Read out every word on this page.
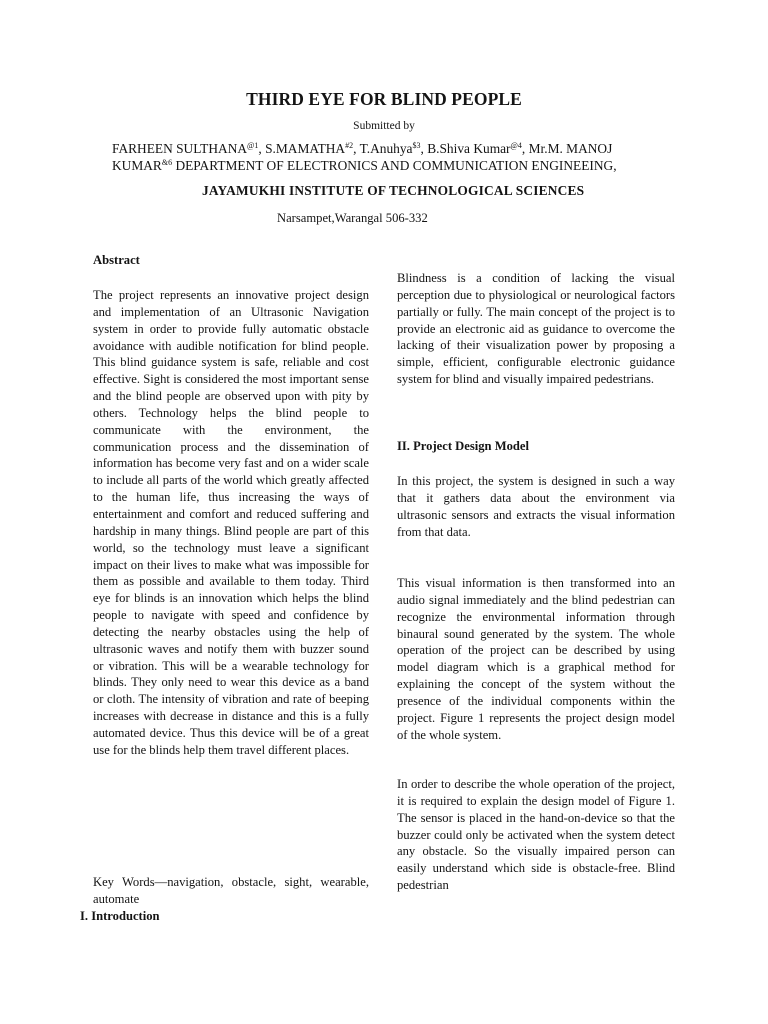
THIRD EYE FOR BLIND PEOPLE
Submitted by
FARHEEN $SULTHANA^{@1}$, S.MAMATHA$^{\#2}$, T.Anuhya$^{\$3}$, B.Shiva Kumar$^{@4}$, Mr.M. MANOJ $KUMAR^{\&6}$ DEPARTMENT OF ELECTRONICS AND COMMUNICATION ENGINEEING,
JAYAMUKHI INSTITUTE OF TECHNOLOGICAL SCIENCES
Narsampet,Warangal 506-332
Abstract

The project represents an innovative project design and implementation of an Ultrasonic Navigation system in order to provide fully automatic obstacle avoidance with audible notification for blind people. This blind guidance system is safe, reliable and cost effective. Sight is considered the most important sense and the blind people are observed upon with pity by others. Technology helps the blind people to communicate with the environment, the communication process and the dissemination of information has become very fast and on a wider scale to include all parts of the world which greatly affected to the human life, thus increasing the ways of entertainment and comfort and reduced suffering and hardship in many things. Blind people are part of this world, so the technology must leave a significant impact on their lives to make what was impossible for them as possible and available to them today. Third eye for blinds is an innovation which helps the blind people to navigate with speed and confidence by detecting the nearby obstacles using the help of ultrasonic waves and notify them with buzzer sound or vibration. This will be a wearable technology for blinds. They only need to wear this device as a band or cloth. The intensity of vibration and rate of beeping increases with decrease in distance and this is a fully automated device. Thus this device will be of a great use for the blinds help them travel different places.

Key Words—navigation, obstacle, sight, wearable, automate

I. Introduction

Blindness is a condition of lacking the visual perception due to physiological or neurological factors partially or fully. The main concept of the project is to provide an electronic aid as guidance to overcome the lacking of their visualization power by proposing a simple, efficient, configurable electronic guidance system for blind and visually impaired pedestrians.

II. Project Design Model

In this project, the system is designed in such a way that it gathers data about the environment via ultrasonic sensors and extracts the visual information from that data.

This visual information is then transformed into an audio signal immediately and the blind pedestrian can recognize the environmental information through binaural sound generated by the system. The whole operation of the project can be described by using model diagram which is a graphical method for explaining the concept of the system without the presence of the individual components within the project. Figure 1 represents the project design model of the whole system.

In order to describe the whole operation of the project, it is required to explain the design model of Figure 1. The sensor is placed in the hand-on-device so that the buzzer could only be activated when the system detect any obstacle. So the visually impaired person can easily understand which side is obstacle-free. Blind pedestrian
